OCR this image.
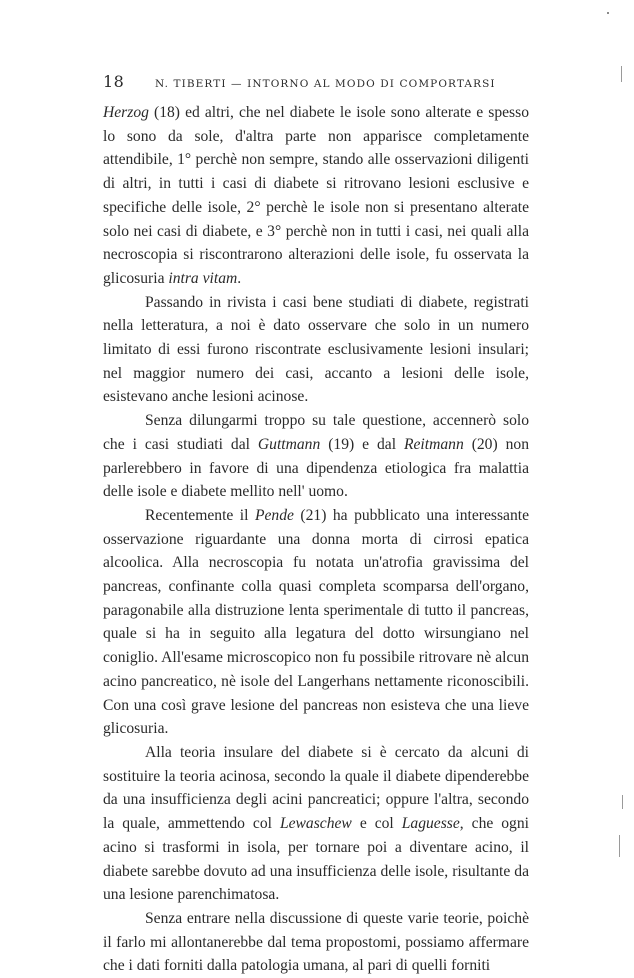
18	N. TIBERTI — INTORNO AL MODO DI COMPORTARSI

Herzog (18) ed altri, che nel diabete le isole sono alterate e spesso lo sono da sole, d'altra parte non apparisce completamente attendibile, 1° perchè non sempre, stando alle osservazioni diligenti di altri, in tutti i casi di diabete si ritrovano lesioni esclusive e specifiche delle isole, 2° perchè le isole non si presentano alterate solo nei casi di diabete, e 3° perchè non in tutti i casi, nei quali alla necroscopia si riscontrarono alterazioni delle isole, fu osservata la glicosuria intra vitam.

Passando in rivista i casi bene studiati di diabete, registrati nella letteratura, a noi è dato osservare che solo in un numero limitato di essi furono riscontrate esclusivamente lesioni insulari; nel maggior numero dei casi, accanto a lesioni delle isole, esistevano anche lesioni acinose.

Senza dilungarmi troppo su tale questione, accennerò solo che i casi studiati dal Guttmann (19) e dal Reitmann (20) non parlerebbero in favore di una dipendenza etiologica fra malattia delle isole e diabete mellito nell' uomo.

Recentemente il Pende (21) ha pubblicato una interessante osservazione riguardante una donna morta di cirrosi epatica alcoolica. Alla necroscopia fu notata un'atrofia gravissima del pancreas, confinante colla quasi completa scomparsa dell'organo, paragonabile alla distruzione lenta sperimentale di tutto il pancreas, quale si ha in seguito alla legatura del dotto wirsungiano nel coniglio. All'esame microscopico non fu possibile ritrovare nè alcun acino pancreatico, nè isole del Langerhans nettamente riconoscibili. Con una così grave lesione del pancreas non esisteva che una lieve glicosuria.

Alla teoria insulare del diabete si è cercato da alcuni di sostituire la teoria acinosa, secondo la quale il diabete dipenderebbe da una insufficienza degli acini pancreatici; oppure l'altra, secondo la quale, ammettendo col Lewaschew e col Laguesse, che ogni acino si trasformi in isola, per tornare poi a diventare acino, il diabete sarebbe dovuto ad una insufficienza delle isole, risultante da una lesione parenchimatosa.

Senza entrare nella discussione di queste varie teorie, poichè il farlo mi allontanerebbe dal tema propostomi, possiamo affermare che i dati forniti dalla patologia umana, al pari di quelli forniti
